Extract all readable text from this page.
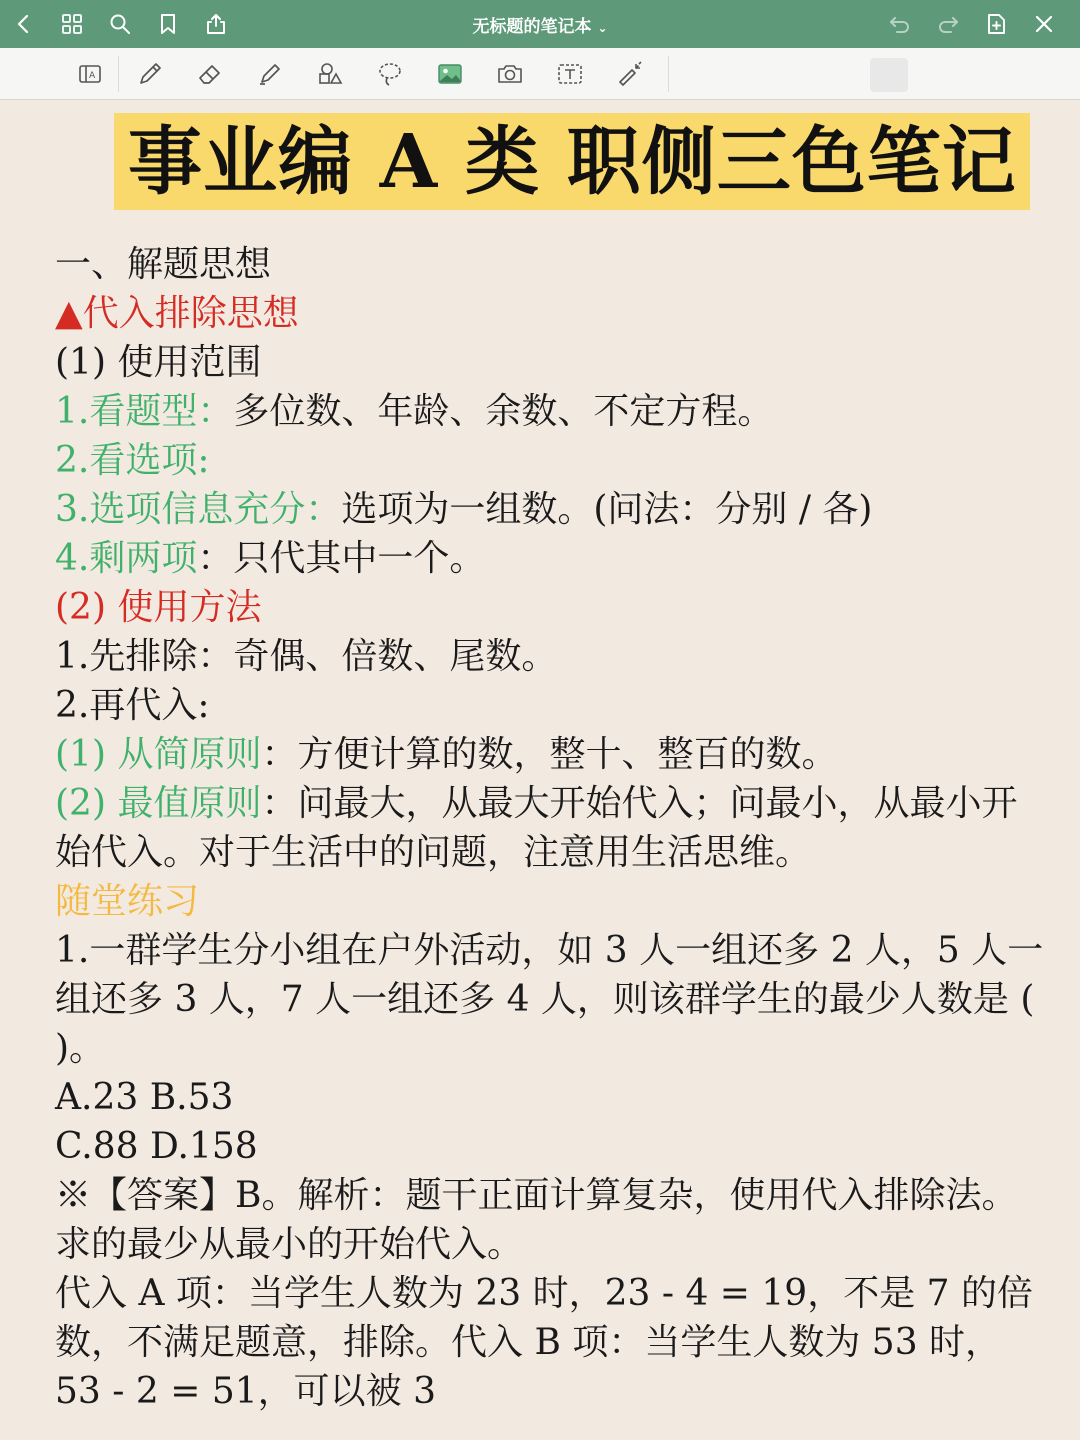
无标题的笔记本 ⌄
A
事业编 A 类 职侧三色笔记
一、解题思想
▲代入排除思想
(1) 使用范围
1.看题型：多位数、年龄、余数、不定方程。
2.看选项:
3.选项信息充分：选项为一组数。(问法：分别 / 各)
4.剩两项：只代其中一个。
(2) 使用方法
1.先排除：奇偶、倍数、尾数。
2.再代入:
(1) 从简原则：方便计算的数，整十、整百的数。
(2) 最值原则：问最大，从最大开始代入；问最小，从最小开始代入。对于生活中的问题，注意用生活思维。
随堂练习
1.一群学生分小组在户外活动，如 3 人一组还多 2 人，5 人一组还多 3 人，7 人一组还多 4 人，则该群学生的最少人数是 ( )。
A.23 B.53
C.88 D.158
※【答案】B。解析：题干正面计算复杂，使用代入排除法。求的最少从最小的开始代入。
代入 A 项：当学生人数为 23 时，23 - 4 = 19，不是 7 的倍数，不满足题意，排除。代入 B 项：当学生人数为 53 时，53 - 2 = 51，可以被 3
